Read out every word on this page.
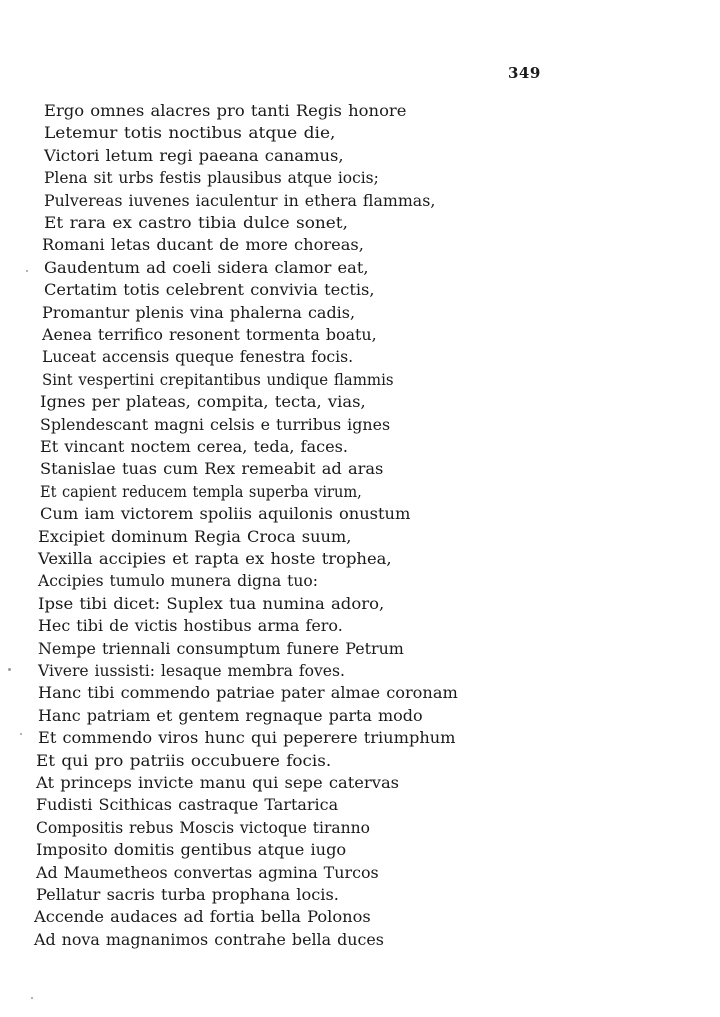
349
Ergo omnes alacres pro tanti Regis honore
Letemur totis noctibus atque die,
Victori letum regi paeana canamus,
Plena sit urbs festis plausibus atque iocis;
Pulvereas iuvenes iaculentur in ethera flammas,
Et rara ex castro tibia dulce sonet,
Romani letas ducant de more choreas,
Gaudentum ad coeli sidera clamor eat,
Certatim totis celebrent convivia tectis,
Promantur plenis vina phalerna cadis,
Aenea terrifico resonent tormenta boatu,
Luceat accensis queque fenestra focis.
Sint vespertini crepitantibus undique flammis
Ignes per plateas, compita, tecta, vias,
Splendescant magni celsis e turribus ignes
Et vincant noctem cerea, teda, faces.
Stanislae tuas cum Rex remeabit ad aras
Et capient reducem templa superba virum,
Cum iam victorem spoliis aquilonis onustum
Excipiet dominum Regia Croca suum,
Vexilla accipies et rapta ex hoste trophea,
Accipies tumulo munera digna tuo:
Ipse tibi dicet: Suplex tua numina adoro,
Hec tibi de victis hostibus arma fero.
Nempe triennali consumptum funere Petrum
Vivere iussisti: lesaque membra foves.
Hanc tibi commendo patriae pater almae coronam
Hanc patriam et gentem regnaque parta modo
Et commendo viros hunc qui peperere triumphum
Et qui pro patriis occubuere focis.
At princeps invicte manu qui sepe catervas
Fudisti Scithicas castraque Tartarica
Compositis rebus Moscis victoque tiranno
Imposito domitis gentibus atque iugo
Ad Maumetheos convertas agmina Turcos
Pellatur sacris turba prophana locis.
Accende audaces ad fortia bella Polonos
Ad nova magnanimos contrahe bella duces
